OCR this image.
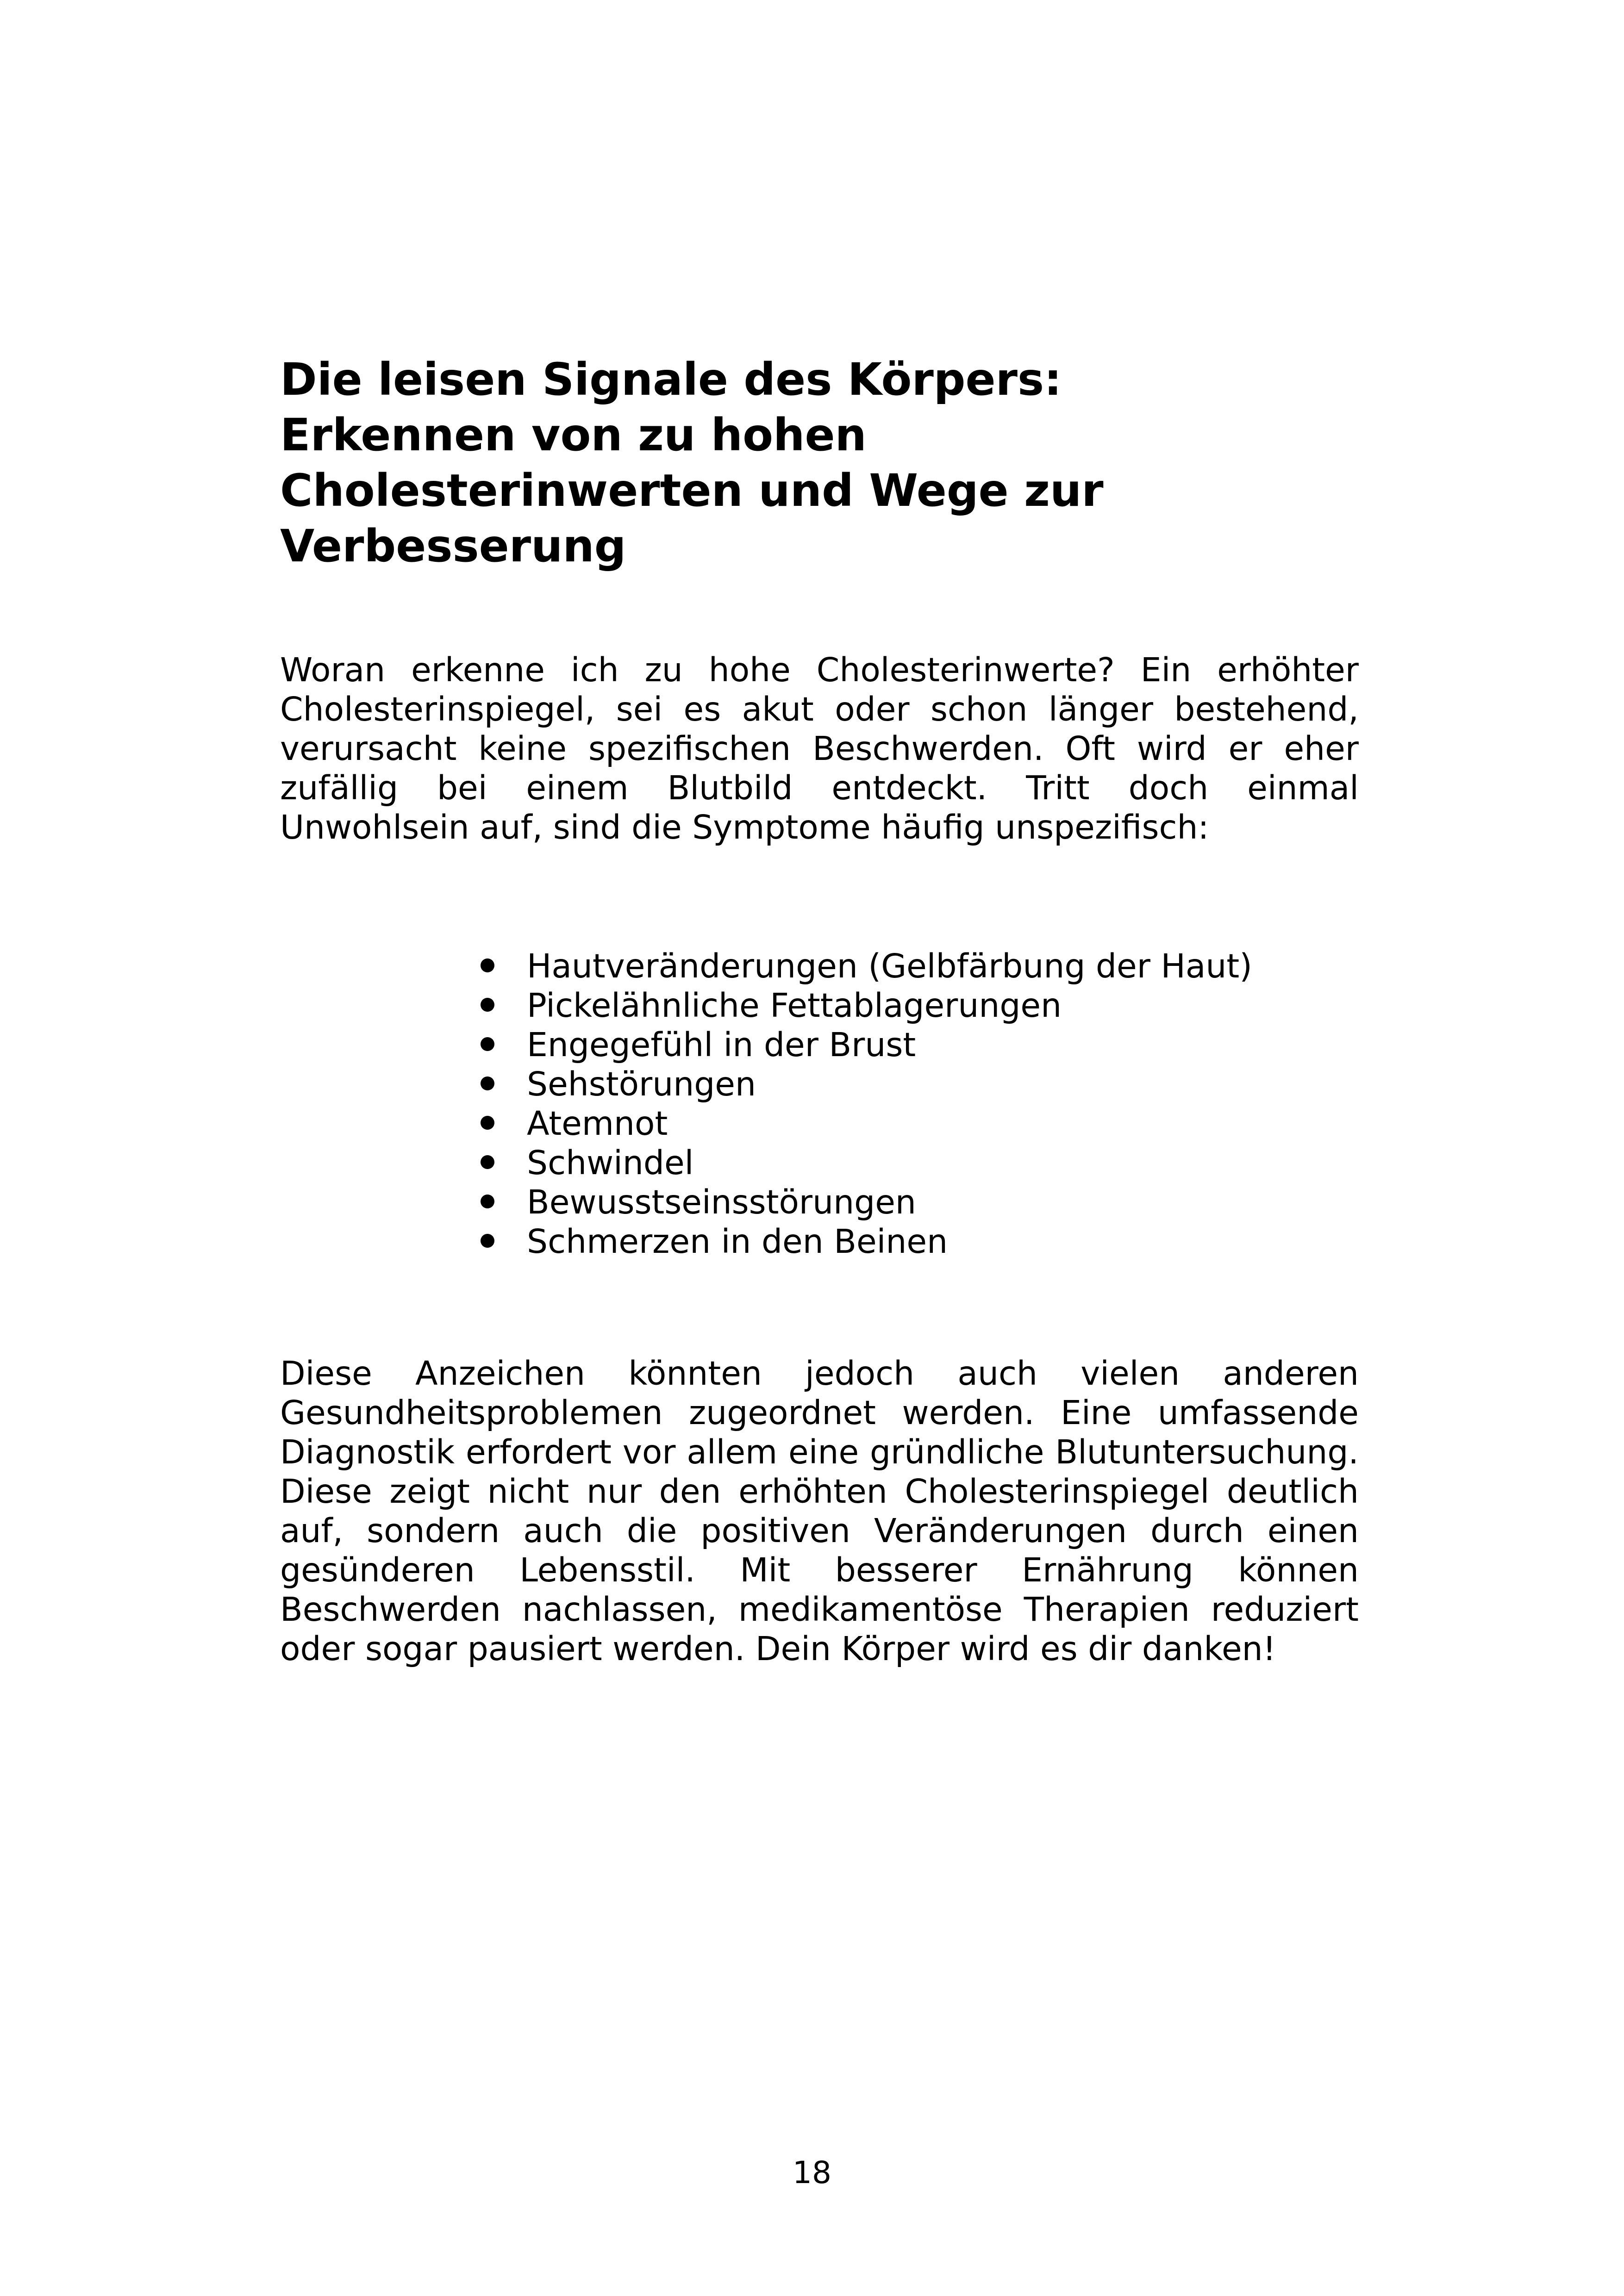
Die leisen Signale des Körpers:
Erkennen von zu hohen
Cholesterinwerten und Wege zur
Verbesserung

Woran erkenne ich zu hohe Cholesterinwerte? Ein erhöhter Cholesterinspiegel, sei es akut oder schon länger bestehend, verursacht keine spezifischen Beschwerden. Oft wird er eher zufällig bei einem Blutbild entdeckt. Tritt doch einmal Unwohlsein auf, sind die Symptome häufig unspezifisch:

Hautveränderungen (Gelbfärbung der Haut)
Pickelähnliche Fettablagerungen
Engegefühl in der Brust
Sehstörungen
Atemnot
Schwindel
Bewusstseinsstörungen
Schmerzen in den Beinen

Diese Anzeichen könnten jedoch auch vielen anderen Gesundheitsproblemen zugeordnet werden. Eine umfassende Diagnostik erfordert vor allem eine gründliche Blutuntersuchung. Diese zeigt nicht nur den erhöhten Cholesterinspiegel deutlich auf, sondern auch die positiven Veränderungen durch einen gesünderen Lebensstil. Mit besserer Ernährung können Beschwerden nachlassen, medikamentöse Therapien reduziert oder sogar pausiert werden. Dein Körper wird es dir danken!

18
